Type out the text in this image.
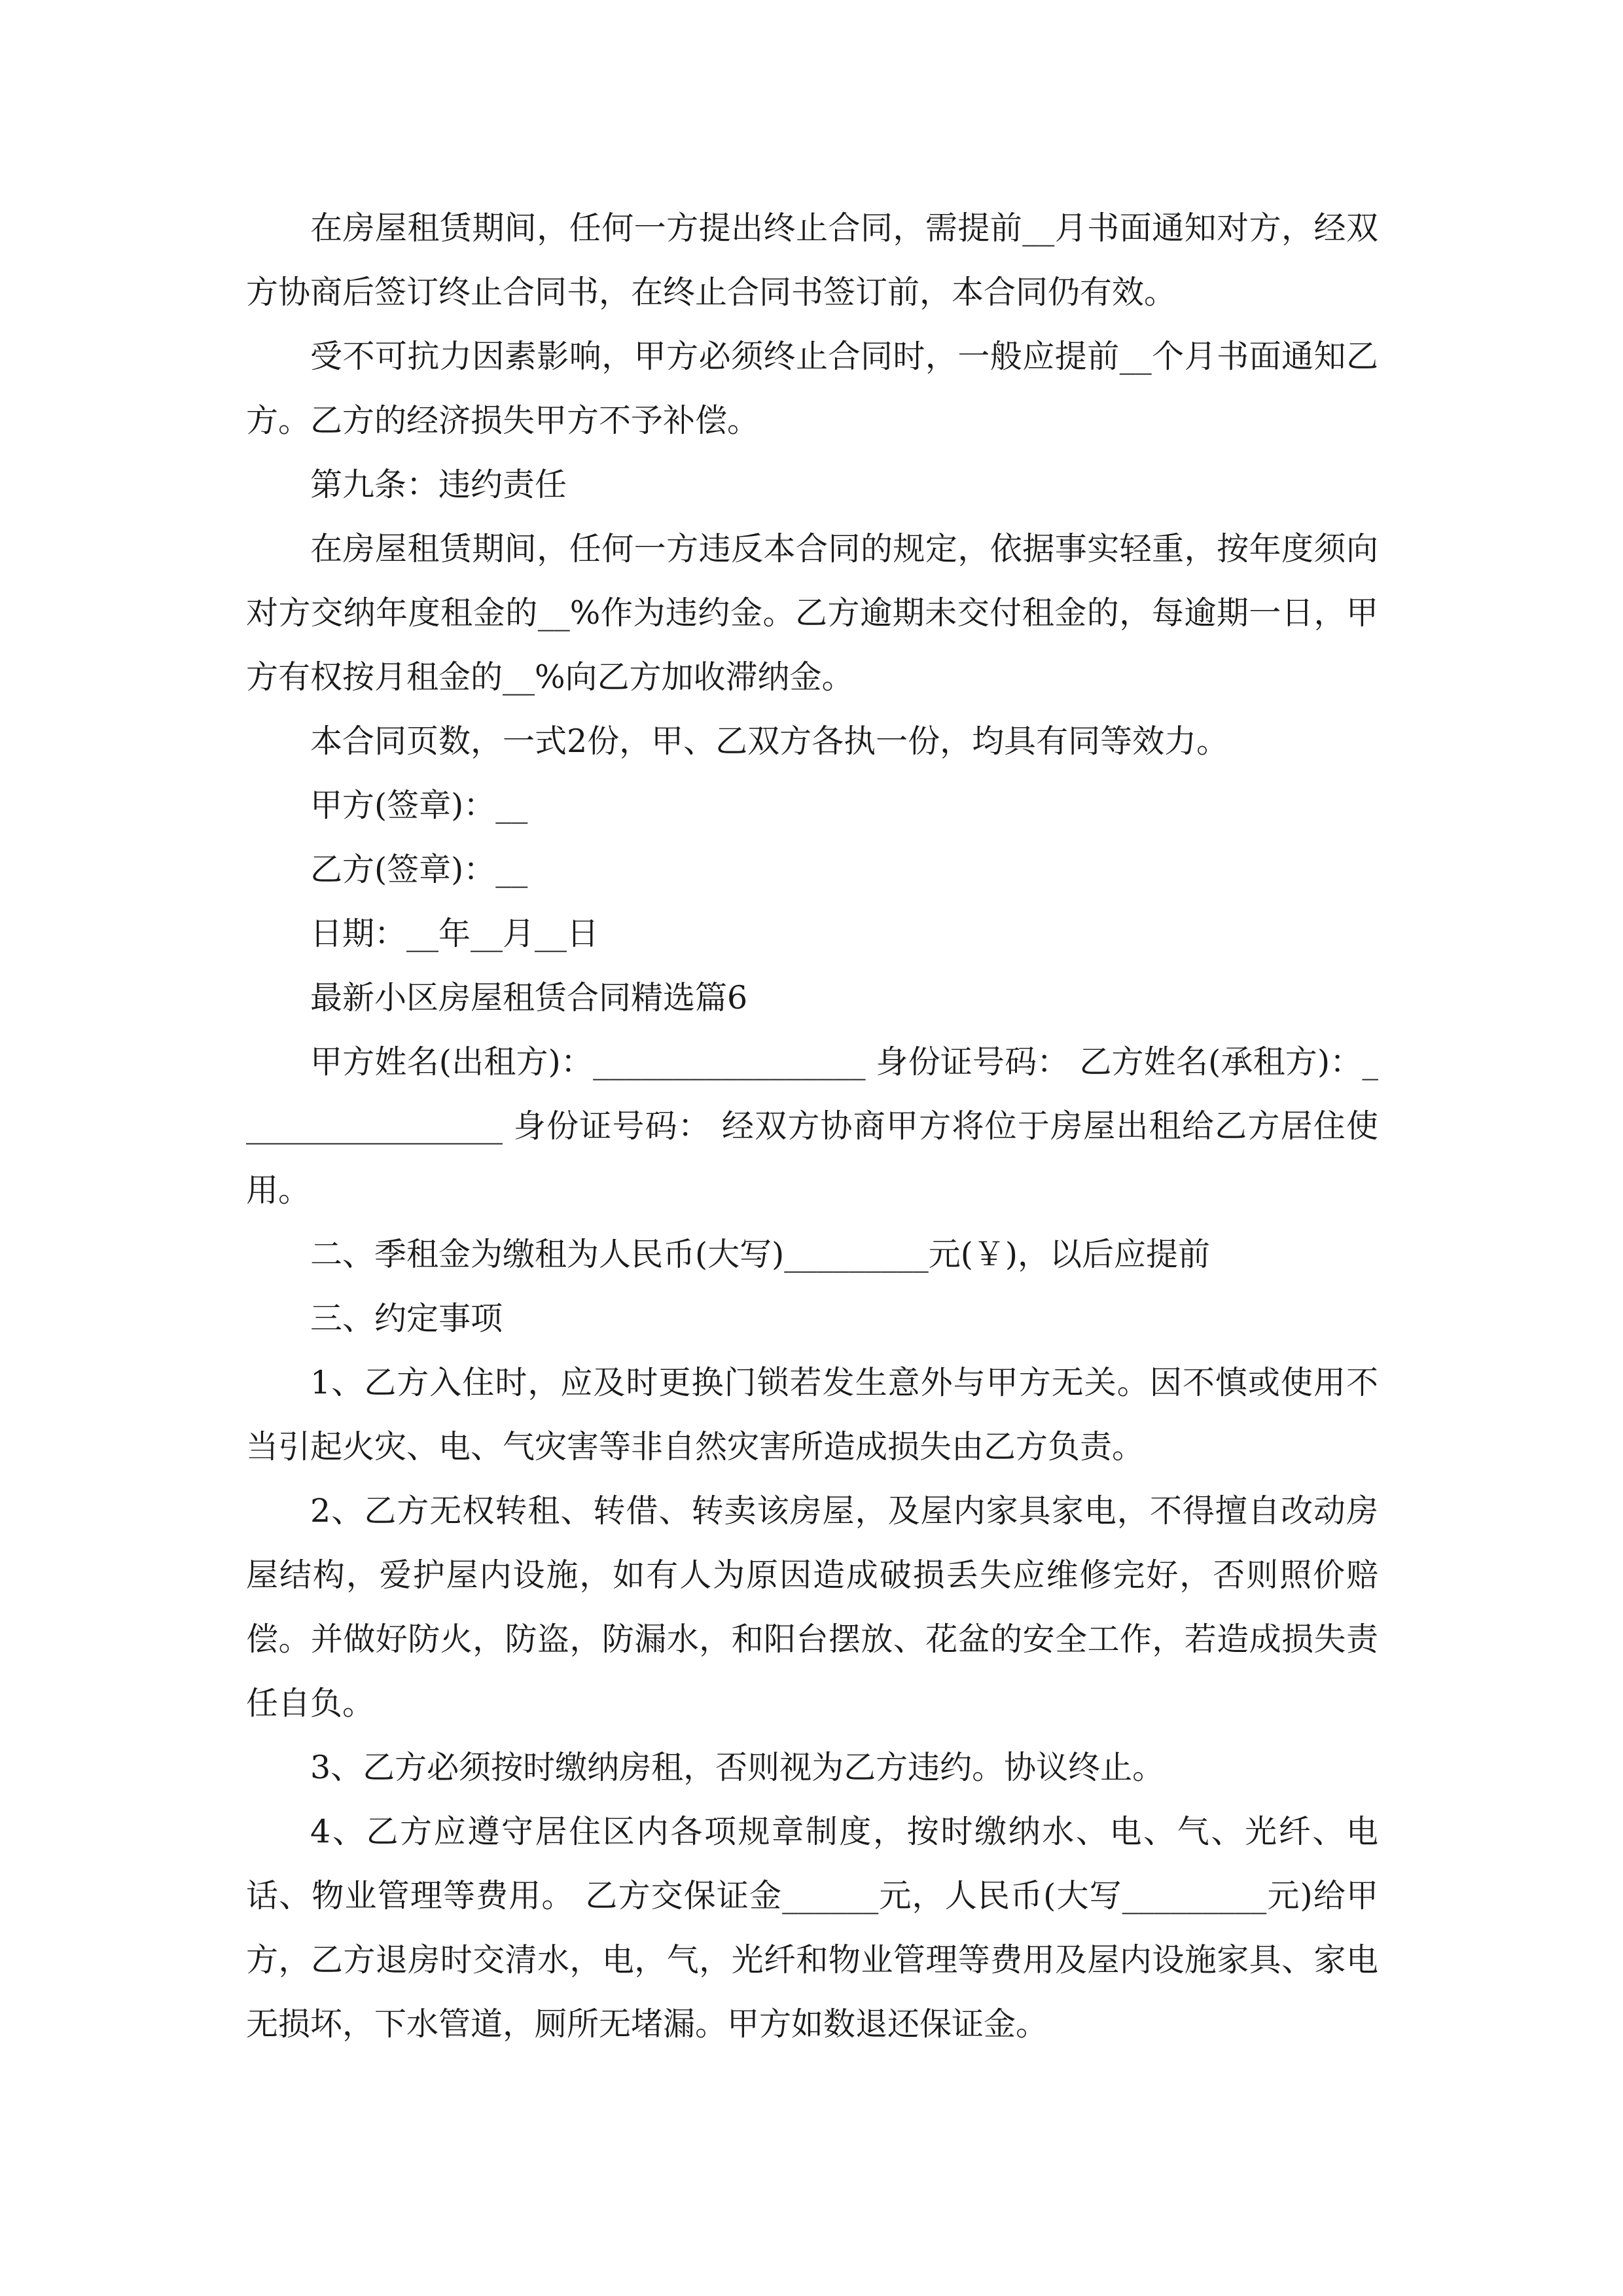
在房屋租赁期间，任何一方提出终止合同，需提前__月书面通知对方，经双方协商后签订终止合同书，在终止合同书签订前，本合同仍有效。

受不可抗力因素影响，甲方必须终止合同时，一般应提前__个月书面通知乙方。乙方的经济损失甲方不予补偿。

第九条：违约责任

在房屋租赁期间，任何一方违反本合同的规定，依据事实轻重，按年度须向对方交纳年度租金的__%作为违约金。乙方逾期未交付租金的，每逾期一日，甲方有权按月租金的__%向乙方加收滞纳金。

本合同页数，一式2份，甲、乙双方各执一份，均具有同等效力。

甲方(签章)：__

乙方(签章)：__

日期：__年__月__日

最新小区房屋租赁合同精选篇6

甲方姓名(出租方)：_________________ 身份证号码： 乙方姓名(承租方)：_________________ 身份证号码： 经双方协商甲方将位于房屋出租给乙方居住使用。

二、季租金为缴租为人民币(大写)_________元(￥)，以后应提前

三、约定事项

1、乙方入住时，应及时更换门锁若发生意外与甲方无关。因不慎或使用不当引起火灾、电、气灾害等非自然灾害所造成损失由乙方负责。

2、乙方无权转租、转借、转卖该房屋，及屋内家具家电，不得擅自改动房屋结构，爱护屋内设施，如有人为原因造成破损丢失应维修完好，否则照价赔偿。并做好防火，防盗，防漏水，和阳台摆放、花盆的安全工作，若造成损失责任自负。

3、乙方必须按时缴纳房租，否则视为乙方违约。协议终止。

4、乙方应遵守居住区内各项规章制度，按时缴纳水、电、气、光纤、电话、物业管理等费用。 乙方交保证金______元，人民币(大写_________元)给甲方，乙方退房时交清水，电，气，光纤和物业管理等费用及屋内设施家具、家电无损坏，下水管道，厕所无堵漏。甲方如数退还保证金。
